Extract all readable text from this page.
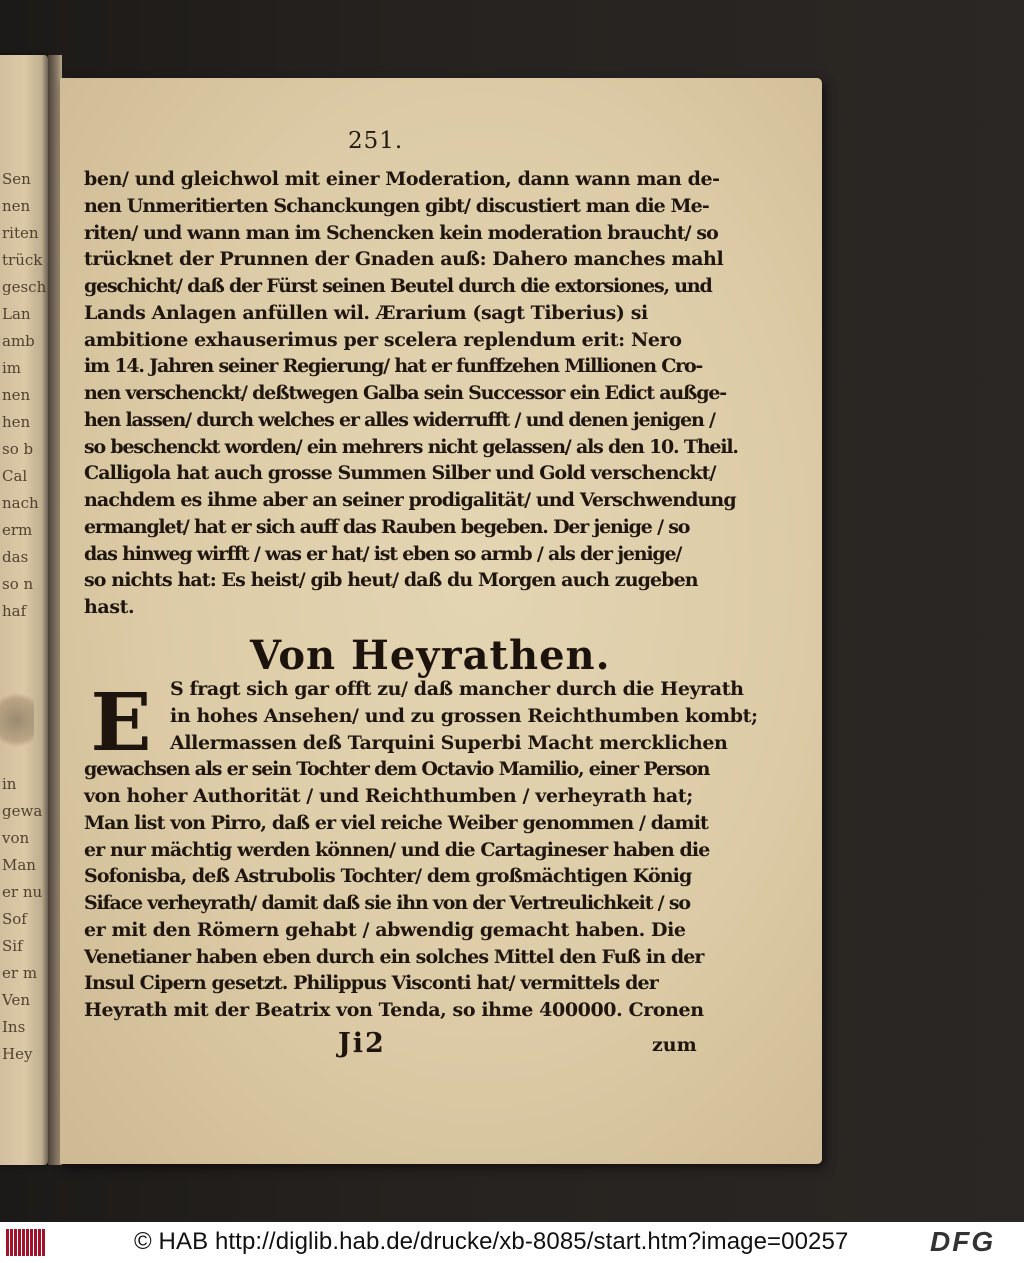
Sen
nen
riten
trück
gesch
Lan
amb
im
nen
hen
so b
Cal
nach
erm
das
so n
haf
in
gewa
von
Man
er nu
Sof
Sif
er m
Ven
Ins
Hey
251.
ben/ und gleichwol mit einer Moderation, dann wann man de-
nen Unmeritierten Schanckungen gibt/ discustiert man die Me-
riten/ und wann man im Schencken kein moderation braucht/ so
trücknet der Prunnen der Gnaden auß: Dahero manches mahl
geschicht/ daß der Fürst seinen Beutel durch die extorsiones, und
Lands Anlagen anfüllen wil. Ærarium (sagt Tiberius) si
ambitione exhauserimus per scelera replendum erit: Nero
im 14. Jahren seiner Regierung/ hat er funffzehen Millionen Cro-
nen verschenckt/ deßtwegen Galba sein Successor ein Edict außge-
hen lassen/ durch welches er alles widerrufft / und denen jenigen /
so beschenckt worden/ ein mehrers nicht gelassen/ als den 10. Theil.
Calligola hat auch grosse Summen Silber und Gold verschenckt/
nachdem es ihme aber an seiner prodigalität/ und Verschwendung
ermanglet/ hat er sich auff das Rauben begeben. Der jenige / so
das hinweg wirfft / was er hat/ ist eben so armb / als der jenige/
so nichts hat: Es heist/ gib heut/ daß du Morgen auch zugeben
hast.
Von Heyrathen.
E S fragt sich gar offt zu/ daß mancher durch die Heyrath
in hohes Ansehen/ und zu grossen Reichthumben kombt;
Allermassen deß Tarquini Superbi Macht mercklichen
gewachsen als er sein Tochter dem Octavio Mamilio, einer Person
von hoher Authorität / und Reichthumben / verheyrath hat;
Man list von Pirro, daß er viel reiche Weiber genommen / damit
er nur mächtig werden können/ und die Cartagineser haben die
Sofonisba, deß Astrubolis Tochter/ dem großmächtigen König
Siface verheyrath/ damit daß sie ihn von der Vertreulichkeit / so
er mit den Römern gehabt / abwendig gemacht haben. Die
Venetianer haben eben durch ein solches Mittel den Fuß in der
Insul Cipern gesetzt. Philippus Visconti hat/ vermittels der
Heyrath mit der Beatrix von Tenda, so ihme 400000. Cronen
Ji2	zum
© HAB http://diglib.hab.de/drucke/xb-8085/start.htm?image=00257	DFG
